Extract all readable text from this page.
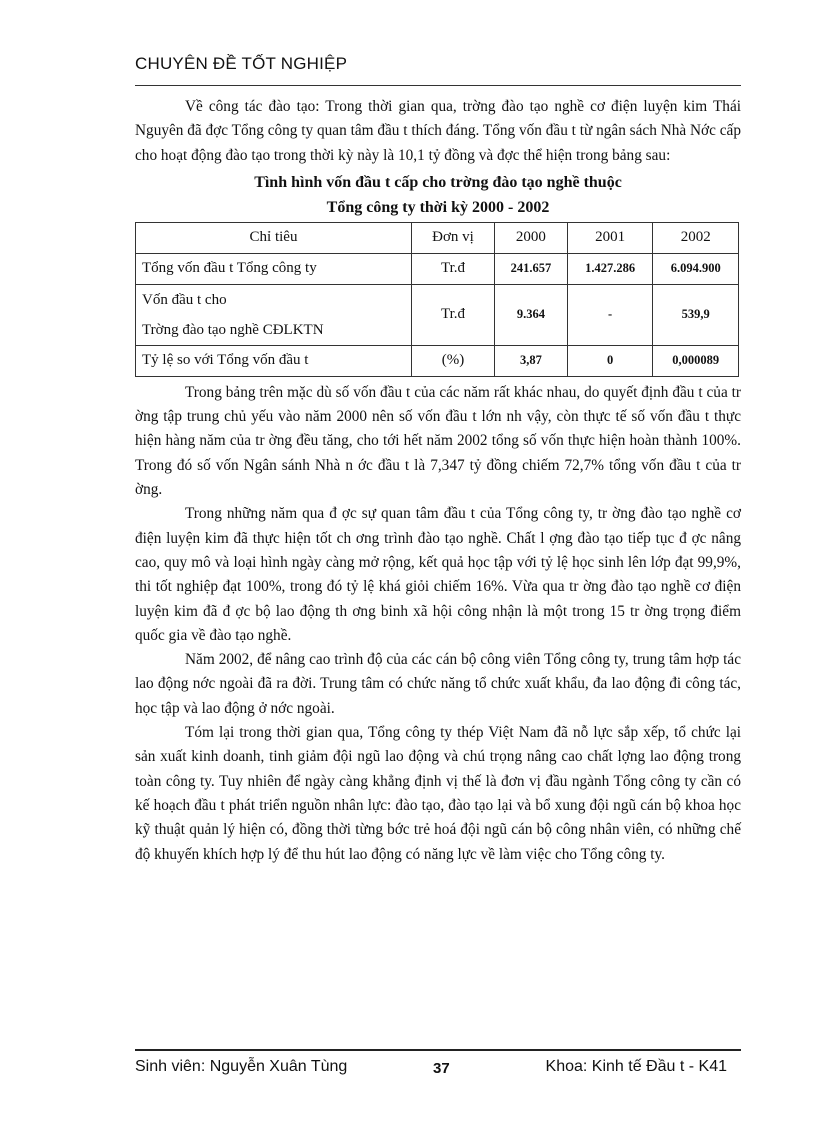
CHUYÊN ĐỀ TỐT NGHIỆP

Về công tác đào tạo: Trong thời gian qua, trờng đào tạo nghề cơ điện luyện kim Thái Nguyên đã đợc Tổng công ty quan tâm đầu t thích đáng. Tổng vốn đầu t từ ngân sách Nhà Nớc cấp cho hoạt động đào tạo trong thời kỳ này là 10,1 tỷ đồng và đợc thể hiện trong bảng sau:

Tình hình vốn đầu t cấp cho trờng đào tạo nghề thuộc
Tổng công ty thời kỳ 2000 - 2002
Chỉ tiêu	Đơn vị	2000	2001	2002
Tổng vốn đầu t Tổng công ty	Tr.đ	241.657	1.427.286	6.094.900

Vốn đầu t cho
Trờng đào tạo nghề CĐLKTN	Tr.đ	9.364	-	539,9
Tỷ lệ so với Tổng vốn đầu t	(%)	3,87	0	0,000089

Trong bảng trên mặc dù số vốn đầu t của các năm rất khác nhau, do quyết định đầu t của tr ờng tập trung chủ yếu vào năm 2000 nên số vốn đầu t lớn nh vậy, còn thực tế số vốn đầu t thực hiện hàng năm của tr ờng đều tăng, cho tới hết năm 2002 tổng số vốn thực hiện hoàn thành 100%. Trong đó số vốn Ngân sánh Nhà n ớc đầu t là 7,347 tỷ đồng chiếm 72,7% tổng vốn đầu t của tr ờng.

Trong những năm qua đ ợc sự quan tâm đầu t của Tổng công ty, tr ờng đào tạo nghề cơ điện luyện kim đã thực hiện tốt ch ơng trình đào tạo nghề. Chất l ợng đào tạo tiếp tục đ ợc nâng cao, quy mô và loại hình ngày càng mở rộng, kết quả học tập với tỷ lệ học sinh lên lớp đạt 99,9%, thi tốt nghiệp đạt 100%, trong đó tỷ lệ khá giỏi chiếm 16%. Vừa qua tr ờng đào tạo nghề cơ điện luyện kim đã đ ợc bộ lao động th ơng binh xã hội công nhận là một trong 15 tr ờng trọng điểm quốc gia về đào tạo nghề.

Năm 2002, để nâng cao trình độ của các cán bộ công viên Tổng công ty, trung tâm hợp tác lao động nớc ngoài đã ra đời. Trung tâm có chức năng tổ chức xuất khẩu, đa lao động đi công tác, học tập và lao động ở nớc ngoài.

Tóm lại trong thời gian qua, Tổng công ty thép Việt Nam đã nỗ lực sắp xếp, tổ chức lại sản xuất kinh doanh, tinh giảm đội ngũ lao động và chú trọng nâng cao chất lợng lao động trong toàn công ty. Tuy nhiên để ngày càng khẳng định vị thế là đơn vị đầu ngành Tổng công ty cần có kế hoạch đầu t phát triển nguồn nhân lực: đào tạo, đào tạo lại và bổ xung đội ngũ cán bộ khoa học kỹ thuật quản lý hiện có, đồng thời từng bớc trẻ hoá đội ngũ cán bộ công nhân viên, có những chế độ khuyến khích hợp lý để thu hút lao động có năng lực về làm việc cho Tổng công ty.

Sinh viên: Nguyễn Xuân Tùng	37	Khoa: Kinh tế Đầu t - K41
